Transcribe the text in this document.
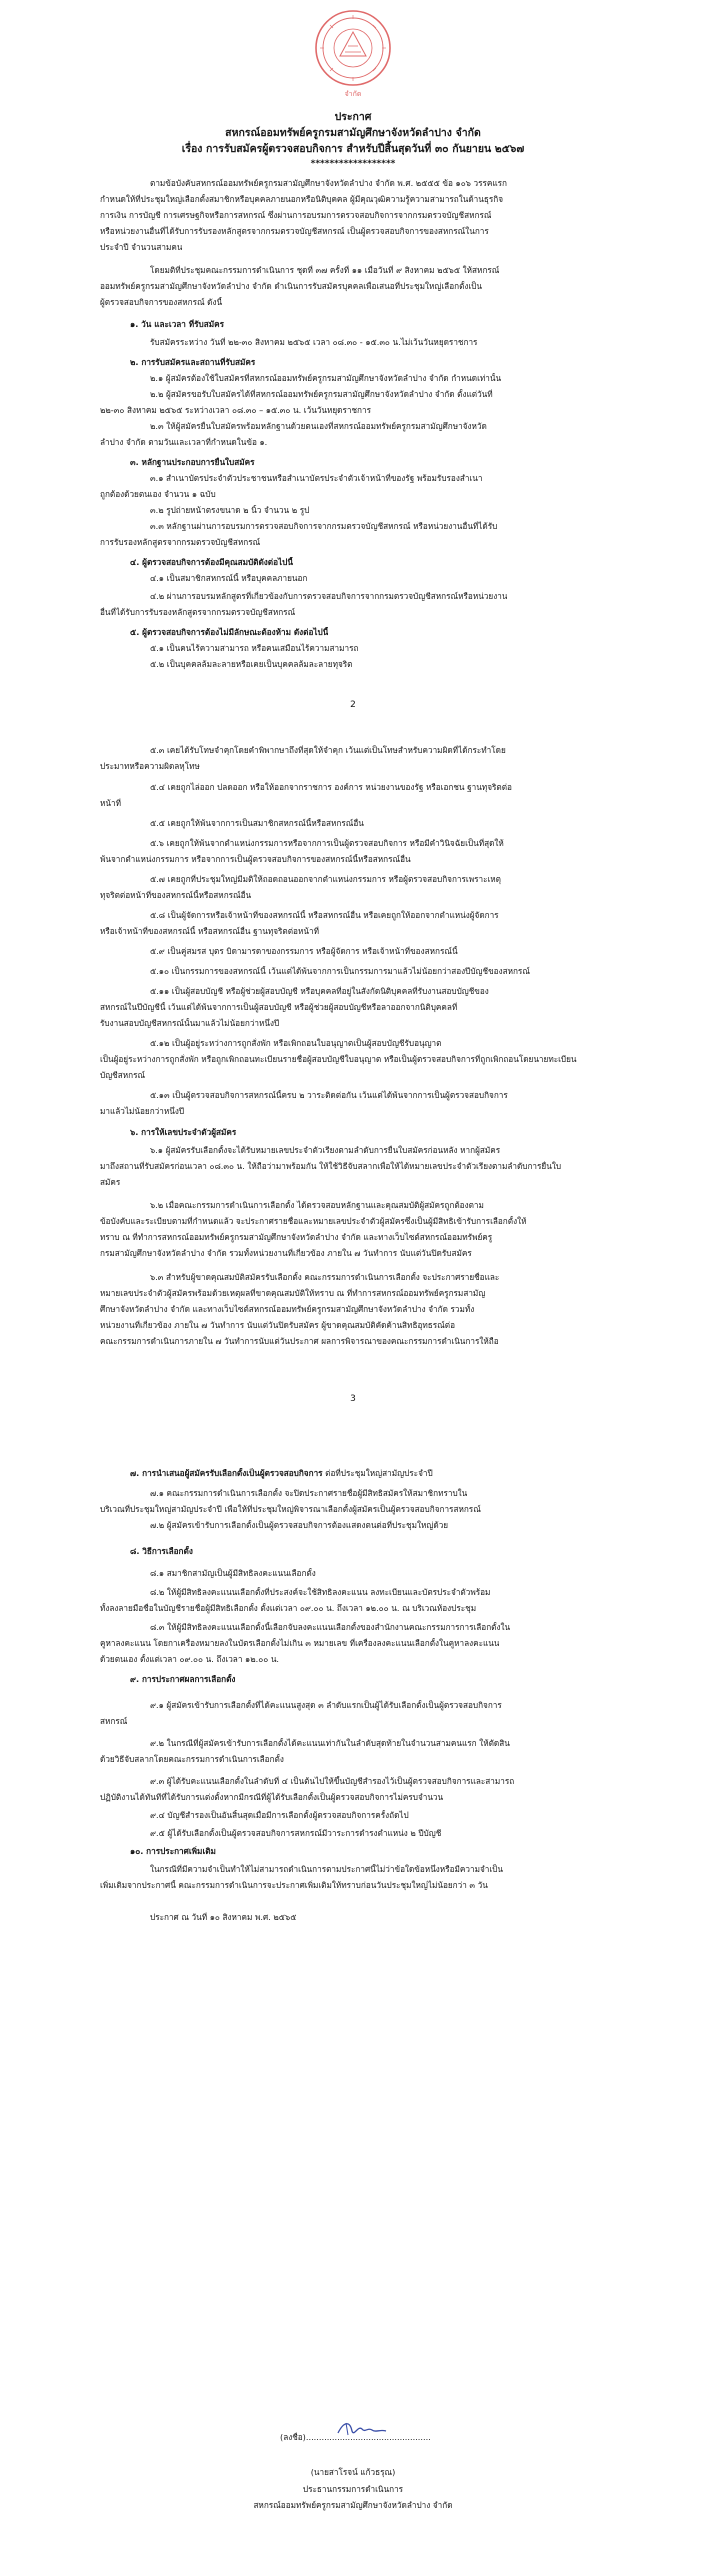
จำกัด
ประกาศ
สหกรณ์ออมทรัพย์ครูกรมสามัญศึกษาจังหวัดลำปาง จำกัด
เรื่อง การรับสมัครผู้ตรวจสอบกิจการ สำหรับปีสิ้นสุดวันที่ ๓๐ กันยายน ๒๕๖๗
******************
ตามข้อบังคับสหกรณ์ออมทรัพย์ครูกรมสามัญศึกษาจังหวัดลำปาง จำกัด พ.ศ. ๒๕๕๕ ข้อ ๑๐๖ วรรคแรก
กำหนดให้ที่ประชุมใหญ่เลือกตั้งสมาชิกหรือบุคคลภายนอกหรือนิติบุคคล ผู้มีคุณวุฒิความรู้ความสามารถในด้านธุรกิจ
การเงิน การบัญชี การเศรษฐกิจหรือการสหกรณ์ ซึ่งผ่านการอบรมการตรวจสอบกิจการจากกรมตรวจบัญชีสหกรณ์
หรือหน่วยงานอื่นที่ได้รับการรับรองหลักสูตรจากกรมตรวจบัญชีสหกรณ์ เป็นผู้ตรวจสอบกิจการของสหกรณ์ในการ
ประจำปี จำนวนสามคน
โดยมติที่ประชุมคณะกรรมการดำเนินการ ชุดที่ ๓๗ ครั้งที่ ๑๑ เมื่อวันที่ ๙ สิงหาคม ๒๕๖๕ ให้สหกรณ์
ออมทรัพย์ครูกรมสามัญศึกษาจังหวัดลำปาง จำกัด ดำเนินการรับสมัครบุคคลเพื่อเสนอที่ประชุมใหญ่เลือกตั้งเป็น
ผู้ตรวจสอบกิจการของสหกรณ์ ดังนี้
๑. วัน และเวลา ที่รับสมัคร
รับสมัครระหว่าง วันที่ ๒๒-๓๐ สิงหาคม ๒๕๖๕ เวลา ๐๘.๓๐ - ๑๕.๓๐ น.ไม่เว้นวันหยุดราชการ
๒. การรับสมัครและสถานที่รับสมัคร
๒.๑ ผู้สมัครต้องใช้ใบสมัครที่สหกรณ์ออมทรัพย์ครูกรมสามัญศึกษาจังหวัดลำปาง จำกัด กำหนดเท่านั้น
๒.๒ ผู้สมัครขอรับใบสมัครได้ที่สหกรณ์ออมทรัพย์ครูกรมสามัญศึกษาจังหวัดลำปาง จำกัด ตั้งแต่วันที่
๒๒-๓๐ สิงหาคม ๒๕๖๕ ระหว่างเวลา ๐๘.๓๐ – ๑๕.๓๐ น. เว้นวันหยุดราชการ
๒.๓ ให้ผู้สมัครยื่นใบสมัครพร้อมหลักฐานด้วยตนเองที่สหกรณ์ออมทรัพย์ครูกรมสามัญศึกษาจังหวัด
ลำปาง จำกัด ตามวันและเวลาที่กำหนดในข้อ ๑.
๓. หลักฐานประกอบการยื่นใบสมัคร
๓.๑ สำเนาบัตรประจำตัวประชาชนหรือสำเนาบัตรประจำตัวเจ้าหน้าที่ของรัฐ พร้อมรับรองสำเนา
ถูกต้องด้วยตนเอง จำนวน ๑ ฉบับ
๓.๒ รูปถ่ายหน้าตรงขนาด ๒ นิ้ว จำนวน ๒ รูป
๓.๓ หลักฐานผ่านการอบรมการตรวจสอบกิจการจากกรมตรวจบัญชีสหกรณ์ หรือหน่วยงานอื่นที่ได้รับ
การรับรองหลักสูตรจากกรมตรวจบัญชีสหกรณ์
๔. ผู้ตรวจสอบกิจการต้องมีคุณสมบัติดังต่อไปนี้
๔.๑ เป็นสมาชิกสหกรณ์นี้ หรือบุคคลภายนอก
๔.๒ ผ่านการอบรมหลักสูตรที่เกี่ยวข้องกับการตรวจสอบกิจการจากกรมตรวจบัญชีสหกรณ์หรือหน่วยงาน
อื่นที่ได้รับการรับรองหลักสูตรจากกรมตรวจบัญชีสหกรณ์
๕. ผู้ตรวจสอบกิจการต้องไม่มีลักษณะต้องห้าม ดังต่อไปนี้
๕.๑ เป็นคนไร้ความสามารถ หรือคนเสมือนไร้ความสามารถ
๕.๒ เป็นบุคคลล้มละลายหรือเคยเป็นบุคคลล้มละลายทุจริต
2
๕.๓ เคยได้รับโทษจำคุกโดยคำพิพากษาถึงที่สุดให้จำคุก เว้นแต่เป็นโทษสำหรับความผิดที่ได้กระทำโดย
ประมาทหรือความผิดลหุโทษ
๕.๔ เคยถูกไล่ออก ปลดออก หรือให้ออกจากราชการ องค์การ หน่วยงานของรัฐ หรือเอกชน ฐานทุจริตต่อ
หน้าที่
๕.๕ เคยถูกให้พ้นจากการเป็นสมาชิกสหกรณ์นี้หรือสหกรณ์อื่น
๕.๖ เคยถูกให้พ้นจากตำแหน่งกรรมการหรือจากการเป็นผู้ตรวจสอบกิจการ หรือมีคำวินิจฉัยเป็นที่สุดให้
พ้นจากตำแหน่งกรรมการ หรือจากการเป็นผู้ตรวจสอบกิจการของสหกรณ์นี้หรือสหกรณ์อื่น
๕.๗ เคยถูกที่ประชุมใหญ่มีมติให้ถอดถอนออกจากตำแหน่งกรรมการ หรือผู้ตรวจสอบกิจการเพราะเหตุ
ทุจริตต่อหน้าที่ของสหกรณ์นี้หรือสหกรณ์อื่น
๕.๘ เป็นผู้จัดการหรือเจ้าหน้าที่ของสหกรณ์นี้ หรือสหกรณ์อื่น หรือเคยถูกให้ออกจากตำแหน่งผู้จัดการ
หรือเจ้าหน้าที่ของสหกรณ์นี้ หรือสหกรณ์อื่น ฐานทุจริตต่อหน้าที่
๕.๙ เป็นคู่สมรส บุตร บิดามารดาของกรรมการ หรือผู้จัดการ หรือเจ้าหน้าที่ของสหกรณ์นี้
๕.๑๐ เป็นกรรมการของสหกรณ์นี้ เว้นแต่ได้พ้นจากการเป็นกรรมการมาแล้วไม่น้อยกว่าสองปีบัญชีของสหกรณ์
๕.๑๑ เป็นผู้สอบบัญชี หรือผู้ช่วยผู้สอบบัญชี หรือบุคคลที่อยู่ในสังกัดนิติบุคคลที่รับงานสอบบัญชีของ
สหกรณ์ในปีบัญชีนี้ เว้นแต่ได้พ้นจากการเป็นผู้สอบบัญชี หรือผู้ช่วยผู้สอบบัญชีหรือลาออกจากนิติบุคคลที่
รับงานสอบบัญชีสหกรณ์นั้นมาแล้วไม่น้อยกว่าหนึ่งปี
๕.๑๒ เป็นผู้อยู่ระหว่างการถูกสั่งพัก หรือเพิกถอนใบอนุญาตเป็นผู้สอบบัญชีรับอนุญาต
เป็นผู้อยู่ระหว่างการถูกสั่งพัก หรือถูกเพิกถอนทะเบียนรายชื่อผู้สอบบัญชีใบอนุญาต หรือเป็นผู้ตรวจสอบกิจการที่ถูกเพิกถอนโดยนายทะเบียน
บัญชีสหกรณ์
๕.๑๓ เป็นผู้ตรวจสอบกิจการสหกรณ์นี้ครบ ๒ วาระติดต่อกัน เว้นแต่ได้พ้นจากการเป็นผู้ตรวจสอบกิจการ
มาแล้วไม่น้อยกว่าหนึ่งปี
๖. การให้เลขประจำตัวผู้สมัคร
๖.๑ ผู้สมัครรับเลือกตั้งจะได้รับหมายเลขประจำตัวเรียงตามลำดับการยื่นใบสมัครก่อนหลัง หากผู้สมัคร
มาถึงสถานที่รับสมัครก่อนเวลา ๐๘.๓๐ น. ให้ถือว่ามาพร้อมกัน ให้ใช้วิธีจับสลากเพื่อให้ได้หมายเลขประจำตัวเรียงตามลำดับการยื่นใบ
สมัคร
๖.๒ เมื่อคณะกรรมการดำเนินการเลือกตั้ง ได้ตรวจสอบหลักฐานและคุณสมบัติผู้สมัครถูกต้องตาม
ข้อบังคับและระเบียบตามที่กำหนดแล้ว จะประกาศรายชื่อและหมายเลขประจำตัวผู้สมัครซึ่งเป็นผู้มีสิทธิเข้ารับการเลือกตั้งให้
ทราบ ณ ที่ทำการสหกรณ์ออมทรัพย์ครูกรมสามัญศึกษาจังหวัดลำปาง จำกัด และทางเว็บไซต์สหกรณ์ออมทรัพย์ครู
กรมสามัญศึกษาจังหวัดลำปาง จำกัด รวมทั้งหน่วยงานที่เกี่ยวข้อง ภายใน ๗ วันทำการ นับแต่วันปิดรับสมัคร
๖.๓ สำหรับผู้ขาดคุณสมบัติสมัครรับเลือกตั้ง คณะกรรมการดำเนินการเลือกตั้ง จะประกาศรายชื่อและ
หมายเลขประจำตัวผู้สมัครพร้อมด้วยเหตุผลที่ขาดคุณสมบัติให้ทราบ ณ ที่ทำการสหกรณ์ออมทรัพย์ครูกรมสามัญ
ศึกษาจังหวัดลำปาง จำกัด และทางเว็บไซต์สหกรณ์ออมทรัพย์ครูกรมสามัญศึกษาจังหวัดลำปาง จำกัด รวมทั้ง
หน่วยงานที่เกี่ยวข้อง ภายใน ๗ วันทำการ นับแต่วันปิดรับสมัคร ผู้ขาดคุณสมบัติคัดค้านสิทธิอุทธรณ์ต่อ
คณะกรรมการดำเนินการภายใน ๗ วันทำการนับแต่วันประกาศ ผลการพิจารณาของคณะกรรมการดำเนินการให้ถือ
3
๗. การนำเสนอผู้สมัครรับเลือกตั้งเป็นผู้ตรวจสอบกิจการ ต่อที่ประชุมใหญ่สามัญประจำปี
๗.๑ คณะกรรมการดำเนินการเลือกตั้ง จะปิดประกาศรายชื่อผู้มีสิทธิสมัครให้สมาชิกทราบใน
บริเวณที่ประชุมใหญ่สามัญประจำปี เพื่อให้ที่ประชุมใหญ่พิจารณาเลือกตั้งผู้สมัครเป็นผู้ตรวจสอบกิจการสหกรณ์
๗.๒ ผู้สมัครเข้ารับการเลือกตั้งเป็นผู้ตรวจสอบกิจการต้องแสดงตนต่อที่ประชุมใหญ่ด้วย
๘. วิธีการเลือกตั้ง
๘.๑ สมาชิกสามัญเป็นผู้มีสิทธิลงคะแนนเลือกตั้ง
๘.๒ ให้ผู้มีสิทธิลงคะแนนเลือกตั้งที่ประสงค์จะใช้สิทธิลงคะแนน ลงทะเบียนและบัตรประจำตัวพร้อม
ทั้งลงลายมือชื่อในบัญชีรายชื่อผู้มีสิทธิเลือกตั้ง ตั้งแต่เวลา ๐๙.๐๐ น. ถึงเวลา ๑๒.๐๐ น. ณ บริเวณห้องประชุม
๘.๓ ให้ผู้มีสิทธิลงคะแนนเลือกตั้งนี้เลือกจับลงคะแนนเลือกตั้งของสำนักงานคณะกรรมการการเลือกตั้งใน
คูหาลงคะแนน โดยกาเครื่องหมายลงในบัตรเลือกตั้งไม่เกิน ๓ หมายเลข ที่เครื่องลงคะแนนเลือกตั้งในคูหาลงคะแนน
ด้วยตนเอง ตั้งแต่เวลา ๐๙.๐๐ น. ถึงเวลา ๑๒.๐๐ น.
๙. การประกาศผลการเลือกตั้ง
๙.๑ ผู้สมัครเข้ารับการเลือกตั้งที่ได้คะแนนสูงสุด ๓ ลำดับแรกเป็นผู้ได้รับเลือกตั้งเป็นผู้ตรวจสอบกิจการ
สหกรณ์
๙.๒ ในกรณีที่ผู้สมัครเข้ารับการเลือกตั้งได้คะแนนเท่ากันในลำดับสุดท้ายในจำนวนสามคนแรก ให้ตัดสิน
ด้วยวิธีจับสลากโดยคณะกรรมการดำเนินการเลือกตั้ง
๙.๓ ผู้ได้รับคะแนนเลือกตั้งในลำดับที่ ๔ เป็นต้นไปให้ขึ้นบัญชีสำรองไว้เป็นผู้ตรวจสอบกิจการและสามารถ
ปฏิบัติงานได้ทันทีที่ได้รับการแต่งตั้งหากมีกรณีที่ผู้ได้รับเลือกตั้งเป็นผู้ตรวจสอบกิจการไม่ครบจำนวน
๙.๔ บัญชีสำรองเป็นอันสิ้นสุดเมื่อมีการเลือกตั้งผู้ตรวจสอบกิจการครั้งถัดไป
๙.๕ ผู้ได้รับเลือกตั้งเป็นผู้ตรวจสอบกิจการสหกรณ์มีวาระการดำรงตำแหน่ง ๒ ปีบัญชี
๑๐. การประกาศเพิ่มเติม
ในกรณีที่มีความจำเป็นทำให้ไม่สามารถดำเนินการตามประกาศนี้ไม่ว่าข้อใดข้อหนึ่งหรือมีความจำเป็น
เพิ่มเติมจากประกาศนี้ คณะกรรมการดำเนินการจะประกาศเพิ่มเติมให้ทราบก่อนวันประชุมใหญ่ไม่น้อยกว่า ๓ วัน
ประกาศ ณ วันที่ ๑๐ สิงหาคม พ.ศ. ๒๕๖๕
(ลงชื่อ)................................................
(นายสาโรจน์ แก้วธรุณ)
ประธานกรรมการดำเนินการ
สหกรณ์ออมทรัพย์ครูกรมสามัญศึกษาจังหวัดลำปาง จำกัด
